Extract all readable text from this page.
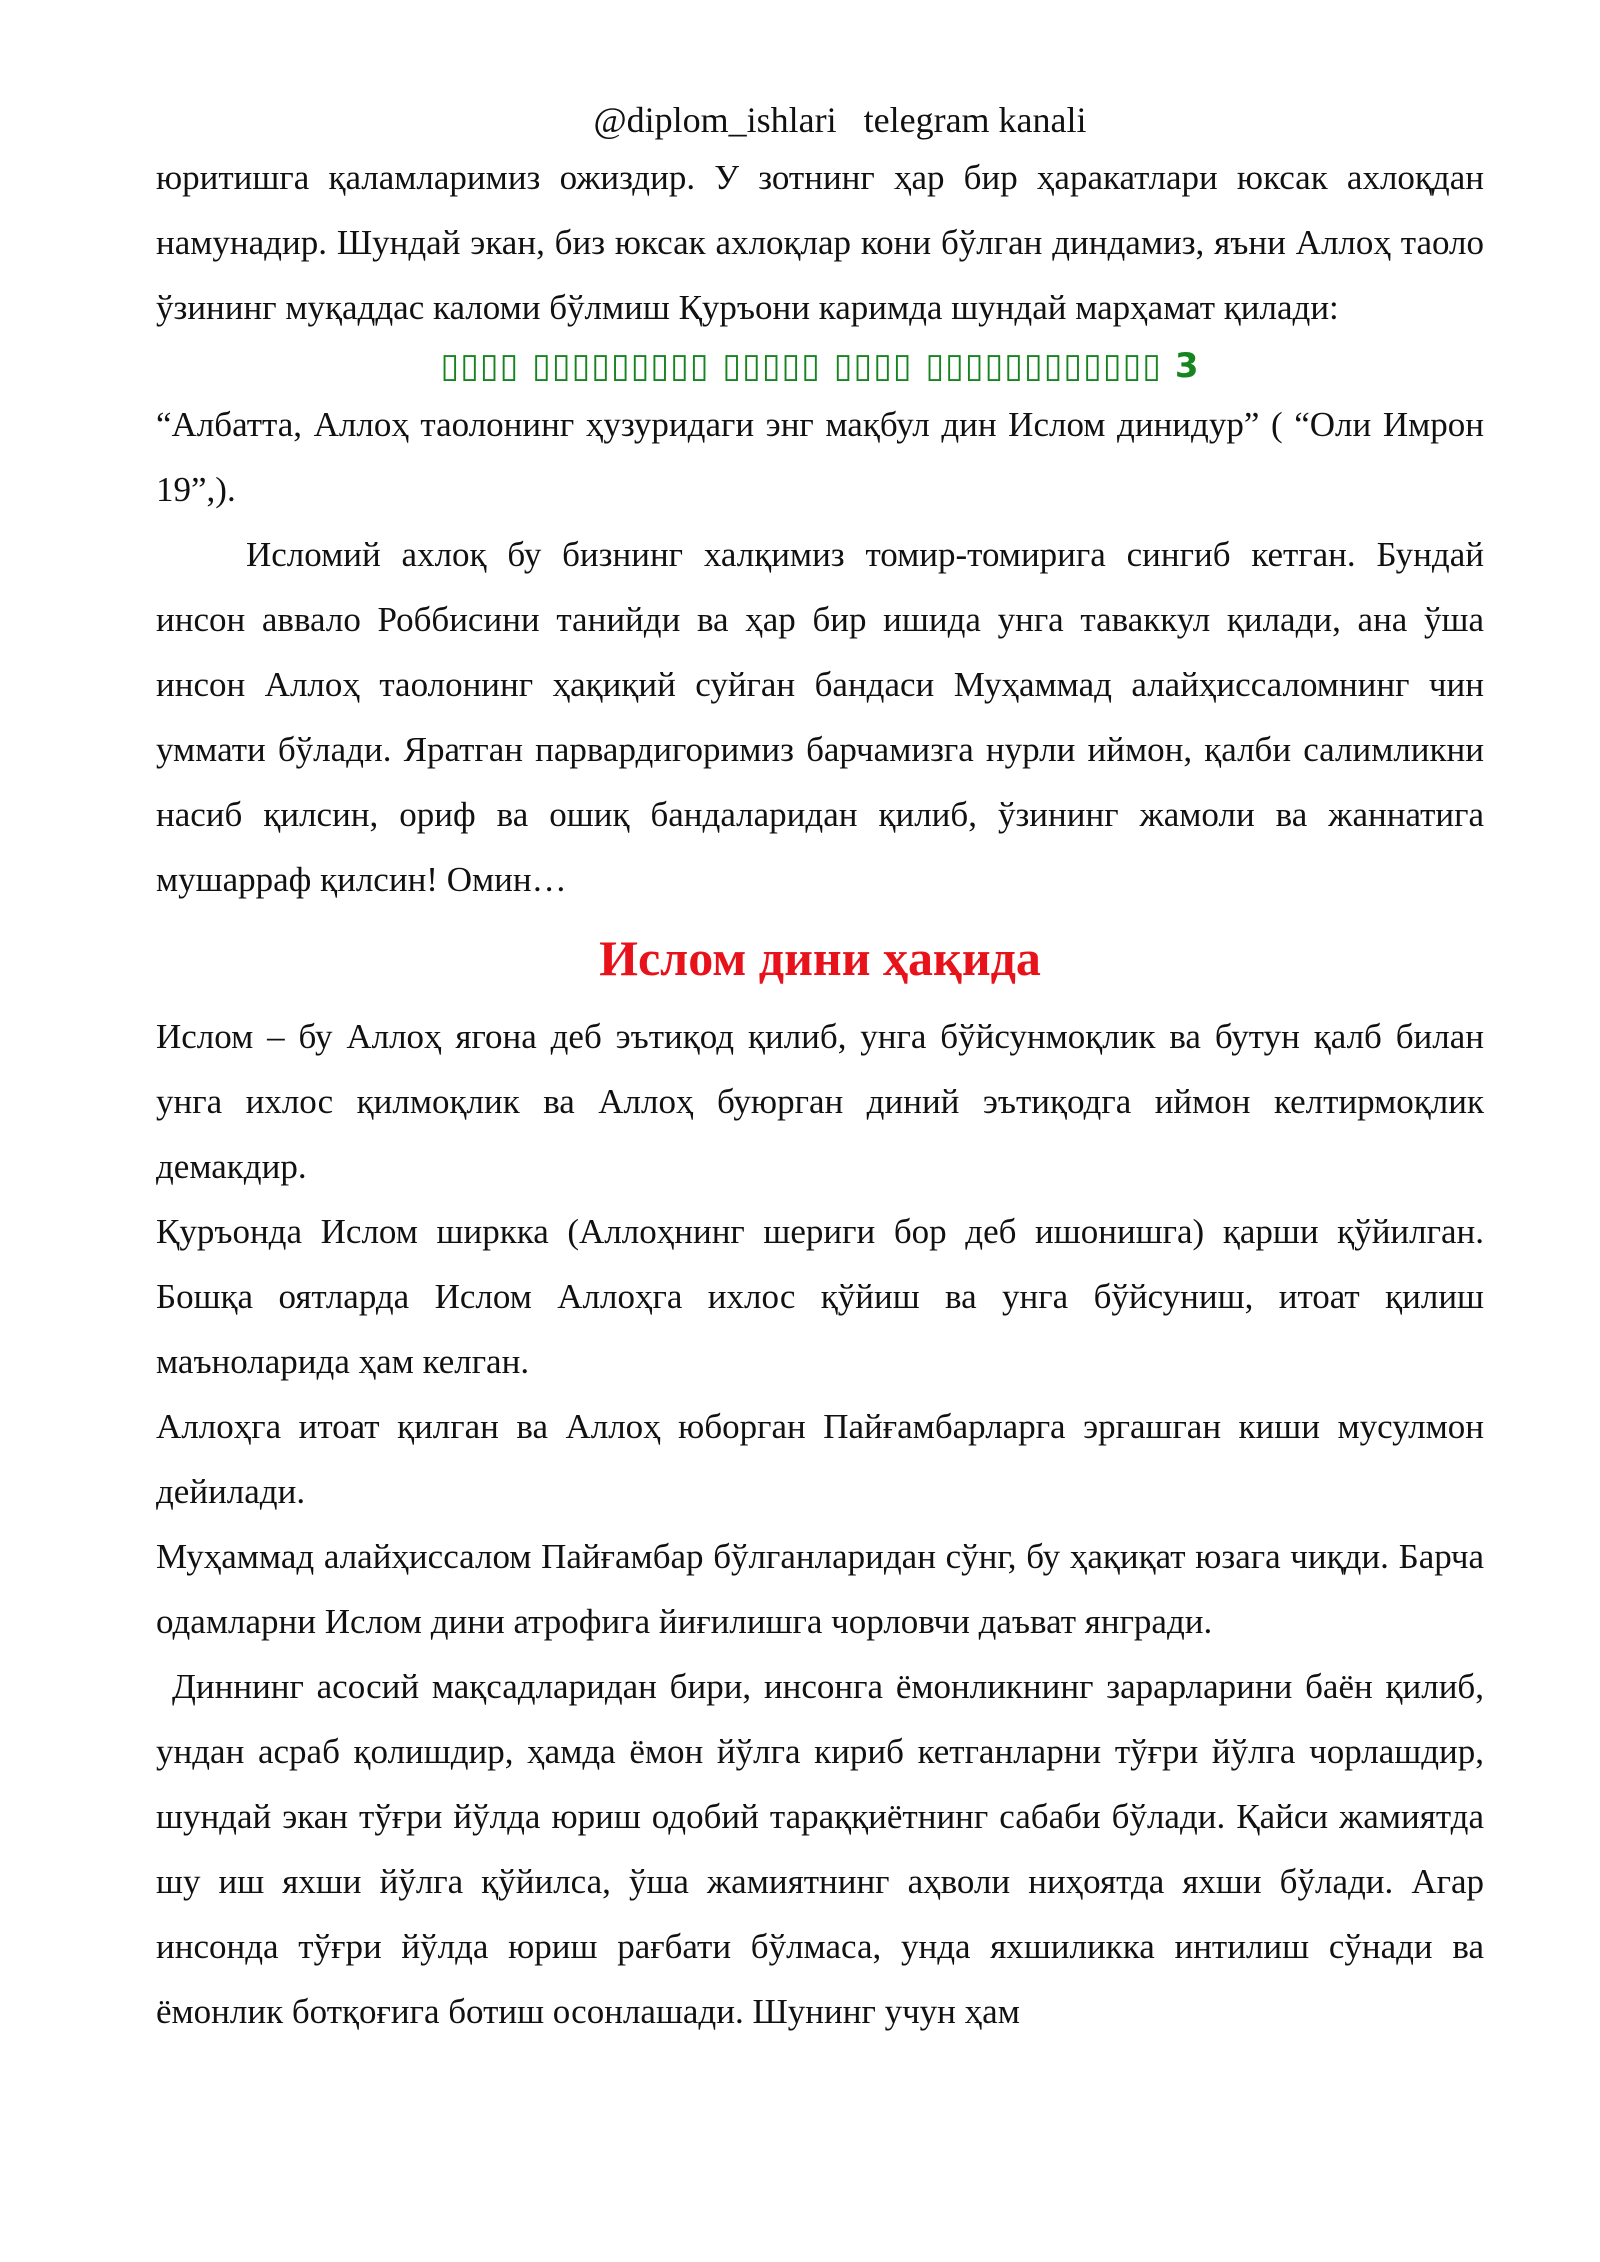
@diplom_ishlari telegram kanali

юритишга қаламларимиз ожиздир. У зотнинг ҳар бир ҳаракатлари юксак ахлоқдан намунадир. Шундай экан, биз юксак ахлоқлар кони бўлган диндамиз, яъни Аллоҳ таоло ўзининг муқаддас каломи бўлмиш Қуръони каримда шундай марҳамат қилади:

▯▯▯▯ ▯▯▯▯▯▯▯▯▯ ▯▯▯▯▯ ▯▯▯▯ ▯▯▯▯▯▯▯▯▯▯▯▯ 3

“Албатта, Аллоҳ таолонинг ҳузуридаги энг мақбул дин Ислом динидур” ( “Оли Имрон 19”,).

Исломий ахлоқ бу бизнинг халқимиз томир-томирига сингиб кетган. Бундай инсон аввало Роббисини танийди ва ҳар бир ишида унга таваккул қилади, ана ўша инсон Аллоҳ таолонинг ҳақиқий суйган бандаси Муҳаммад алайҳиссаломнинг чин уммати бўлади. Яратган парвардигоримиз барчамизга нурли иймон, қалби салимликни насиб қилсин, ориф ва ошиқ бандаларидан қилиб, ўзининг жамоли ва жаннатига мушарраф қилсин! Омин…

Ислом дини ҳақида

Ислом – бу Аллоҳ ягона деб эътиқод қилиб, унга бўйсунмоқлик ва бутун қалб билан унга ихлос қилмоқлик ва Аллоҳ буюрган диний эътиқодга иймон келтирмоқлик демакдир.

Қуръонда Ислом ширкка (Аллоҳнинг шериги бор деб ишонишга) қарши қўйилган. Бошқа оятларда Ислом Аллоҳга ихлос қўйиш ва унга бўйсуниш, итоат қилиш маъноларида ҳам келган.

Аллоҳга итоат қилган ва Аллоҳ юборган Пайғамбарларга эргашган киши мусулмон дейилади.

Муҳаммад алайҳиссалом Пайғамбар бўлганларидан сўнг, бу ҳақиқат юзага чиқди. Барча одамларни Ислом дини атрофига йиғилишга чорловчи даъват янгради.

Диннинг асосий мақсадларидан бири, инсонга ёмонликнинг зарарларини баён қилиб, ундан асраб қолишдир, ҳамда ёмон йўлга кириб кетганларни тўғри йўлга чорлашдир, шундай экан тўғри йўлда юриш одобий тараққиётнинг сабаби бўлади. Қайси жамиятда шу иш яхши йўлга қўйилса, ўша жамиятнинг аҳволи ниҳоятда яхши бўлади. Агар инсонда тўғри йўлда юриш рағбати бўлмаса, унда яхшиликка интилиш сўнади ва ёмонлик ботқоғига ботиш осонлашади. Шунинг учун ҳам
